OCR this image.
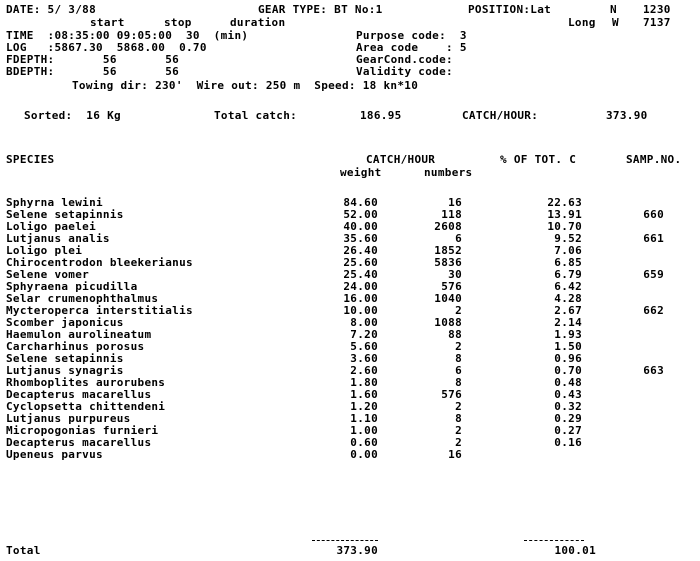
DATE: 5/ 3/88	GEAR TYPE: BT No:1	POSITION:Lat	N 1230
start	stop	duration	Long W 7137
TIME  :08:35:00 09:05:00  30  (min)
LOG   :5867.30  5868.00  0.70
FDEPTH:       56       56
BDEPTH:       56       56
Purpose code:  3
Area code    : 5
GearCond.code:
Validity code:
Towing dir: 230'  Wire out: 250 m  Speed: 18 kn*10
Sorted:  16 Kg	Total catch:	186.95	CATCH/HOUR:	373.90
SPECIES	CATCH/HOUR	% OF TOT. C	SAMP.NO.
weight	numbers
Sphyrna lewini	84.60	16	22.63
Selene setapinnis	52.00	118	13.91	660
Loligo paelei	40.00	2608	10.70
Lutjanus analis	35.60	6	9.52	661
Loligo plei	26.40	1852	7.06
Chirocentrodon bleekerianus	25.60	5836	6.85
Selene vomer	25.40	30	6.79	659
Sphyraena picudilla	24.00	576	6.42
Selar crumenophthalmus	16.00	1040	4.28
Mycteroperca interstitialis	10.00	2	2.67	662
Scomber japonicus	8.00	1088	2.14
Haemulon aurolineatum	7.20	88	1.93
Carcharhinus porosus	5.60	2	1.50
Selene setapinnis	3.60	8	0.96
Lutjanus synagris	2.60	6	0.70	663
Rhomboplites aurorubens	1.80	8	0.48
Decapterus macarellus	1.60	576	0.43
Cyclopsetta chittendeni	1.20	2	0.32
Lutjanus purpureus	1.10	8	0.29
Micropogonias furnieri	1.00	2	0.27
Decapterus macarellus	0.60	2	0.16
Upeneus parvus	0.00	16
Total	373.90	100.01
